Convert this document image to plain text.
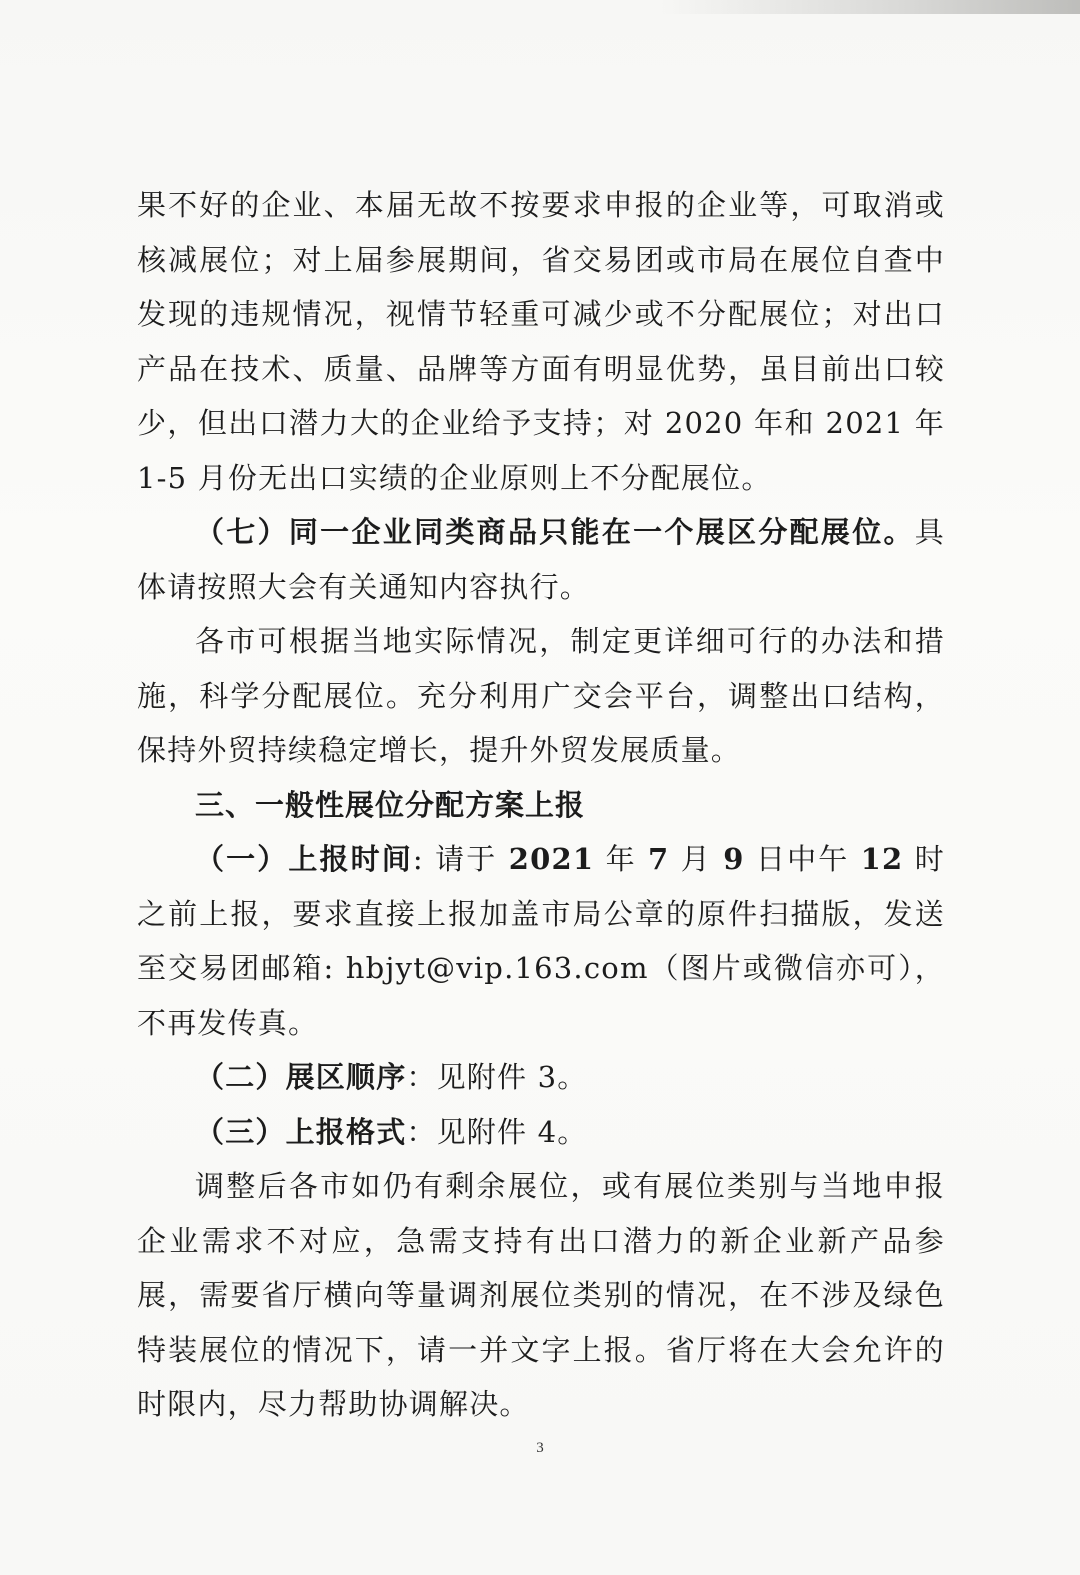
果不好的企业、本届无故不按要求申报的企业等，可取消或核减展位；对上届参展期间，省交易团或市局在展位自查中发现的违规情况，视情节轻重可减少或不分配展位；对出口产品在技术、质量、品牌等方面有明显优势，虽目前出口较少，但出口潜力大的企业给予支持；对 2020 年和 2021 年 1-5 月份无出口实绩的企业原则上不分配展位。

（七）同一企业同类商品只能在一个展区分配展位。具体请按照大会有关通知内容执行。

各市可根据当地实际情况，制定更详细可行的办法和措施，科学分配展位。充分利用广交会平台，调整出口结构，保持外贸持续稳定增长，提升外贸发展质量。

三、一般性展位分配方案上报

（一）上报时间: 请于 2021 年 7 月 9 日中午 12 时之前上报，要求直接上报加盖市局公章的原件扫描版，发送至交易团邮箱: hbjyt@vip.163.com（图片或微信亦可），不再发传真。

（二）展区顺序：见附件 3。

（三）上报格式：见附件 4。

调整后各市如仍有剩余展位，或有展位类别与当地申报企业需求不对应，急需支持有出口潜力的新企业新产品参展，需要省厅横向等量调剂展位类别的情况，在不涉及绿色特装展位的情况下，请一并文字上报。省厅将在大会允许的时限内，尽力帮助协调解决。

3
